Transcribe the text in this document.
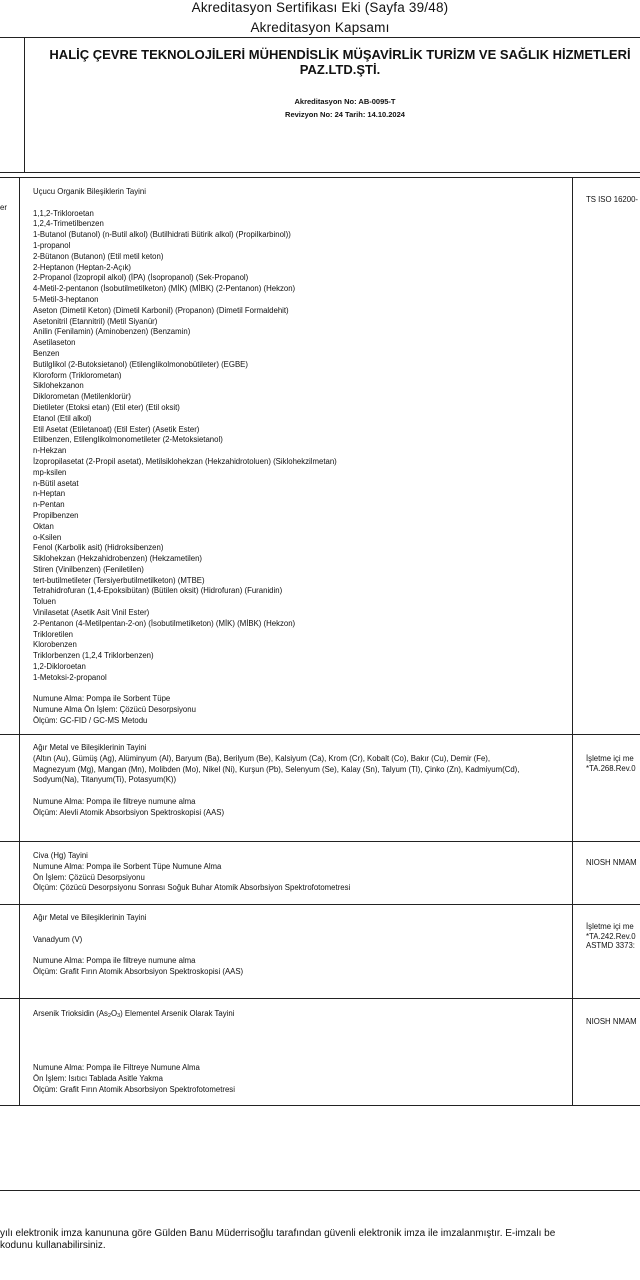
Akreditasyon Sertifikası Eki (Sayfa 39/48)
Akreditasyon Kapsamı
HALİÇ ÇEVRE TEKNOLOJİLERİ MÜHENDİSLİK MÜŞAVİRLİK TURİZM VE SAĞLIK HİZMETLERİ
PAZ.LTD.ŞTİ.
Akreditasyon No: AB-0095-T
Revizyon No: 24 Tarih: 14.10.2024
er
Uçucu Organik Bileşiklerin Tayini

1,1,2-Trikloroetan
1,2,4-Trimetilbenzen
1-Butanol (Butanol) (n-Butil alkol) (Butilhidrati Bütirik alkol) (Propilkarbinol))
1-propanol
2-Bütanon (Butanon) (Etil metil keton)
2-Heptanon (Heptan-2-Açık)
2-Propanol (İzopropil alkol) (İPA) (İsopropanol) (Sek-Propanol)
4-Metil-2-pentanon (İsobutilmetilketon) (MİK) (MİBK) (2-Pentanon) (Hekzon)
5-Metil-3-heptanon
Aseton (Dimetil Keton) (Dimetil Karbonil) (Propanon) (Dimetil Formaldehit)
Asetonitril (Etannitril) (Metil Siyanür)
Anilin (Fenilamin) (Aminobenzen) (Benzamin)
Asetilaseton
Benzen
Butilglikol (2-Butoksietanol) (Etilenglikolmonobütileter) (EGBE)
Kloroform (Triklorometan)
Siklohekzanon
Diklorometan (Metilenklorür)
Dietileter (Etoksi etan) (Etil eter) (Etil oksit)
Etanol (Etil alkol)
Etil Asetat (Etiletanoat) (Etil Ester) (Asetik Ester)
Etilbenzen, Etilenglikolmonometileter (2-Metoksietanol)
n-Hekzan
İzopropilasetat (2-Propil asetat), Metilsiklohekzan (Hekzahidrotoluen) (Siklohekzilmetan)
mp-ksilen
n-Bütil asetat
n-Heptan
n-Pentan
Propilbenzen
Oktan
o-Ksilen
Fenol (Karbolik asit) (Hidroksibenzen)
Siklohekzan (Hekzahidrobenzen) (Hekzametilen)
Stiren (Vinilbenzen) (Feniletilen)
tert-butilmetileter (Tersiyerbutilmetilketon) (MTBE)
Tetrahidrofuran (1,4-Epoksibütan) (Bütilen oksit) (Hidrofuran) (Furanidin)
Toluen
Vinilasetat (Asetik Asit Vinil Ester)
2-Pentanon (4-Metilpentan-2-on) (İsobutilmetilketon) (MİK) (MİBK) (Hekzon)
Trikloretilen
Klorobenzen
Triklorbenzen (1,2,4 Triklorbenzen)
1,2-Dikloroetan
1-Metoksi-2-propanol

Numune Alma: Pompa ile Sorbent Tüpe
Numune Alma Ön İşlem: Çözücü Desorpsiyonu
Ölçüm: GC-FID / GC-MS Metodu
TS ISO 16200-
Ağır Metal ve Bileşiklerinin Tayini
(Altın (Au), Gümüş (Ag), Alüminyum (Al), Baryum (Ba), Berilyum (Be), Kalsiyum (Ca), Krom (Cr), Kobalt (Co), Bakır (Cu), Demir (Fe),
Magnezyum (Mg), Mangan (Mn), Molibden (Mo), Nikel (Ni), Kurşun (Pb), Selenyum (Se), Kalay (Sn), Talyum (Tl), Çinko (Zn), Kadmiyum(Cd),
Sodyum(Na), Titanyum(Ti), Potasyum(K))

Numune Alma: Pompa ile filtreye numune alma
Ölçüm: Alevli Atomik Absorbsiyon Spektroskopisi (AAS)
İşletme içi me
*TA.268.Rev.0
Civa (Hg) Tayini
Numune Alma: Pompa ile Sorbent Tüpe Numune Alma
Ön İşlem: Çözücü Desorpsiyonu
Ölçüm: Çözücü Desorpsiyonu Sonrası Soğuk Buhar Atomik Absorbsiyon Spektrofotometresi
NIOSH NMAM
Ağır Metal ve Bileşiklerinin Tayini

Vanadyum (V)

Numune Alma: Pompa ile filtreye numune alma
Ölçüm: Grafit Fırın Atomik Absorbsiyon Spektroskopisi (AAS)
İşletme içi me
*TA.242.Rev.0
ASTMD 3373:
Arsenik Trioksidin $(As_2O_3)$ Elementel Arsenik Olarak Tayini
Numune Alma: Pompa ile Filtreye Numune Alma
Ön İşlem: Isıtıcı Tablada Asitle Yakma
Ölçüm: Grafit Fırın Atomik Absorbsiyon Spektrofotometresi
NIOSH NMAM
yılı elektronik imza kanununa göre Gülden Banu Müderrisoğlu tarafından güvenli elektronik imza ile imzalanmıştır. E-imzalı be
kodunu kullanabilirsiniz.
